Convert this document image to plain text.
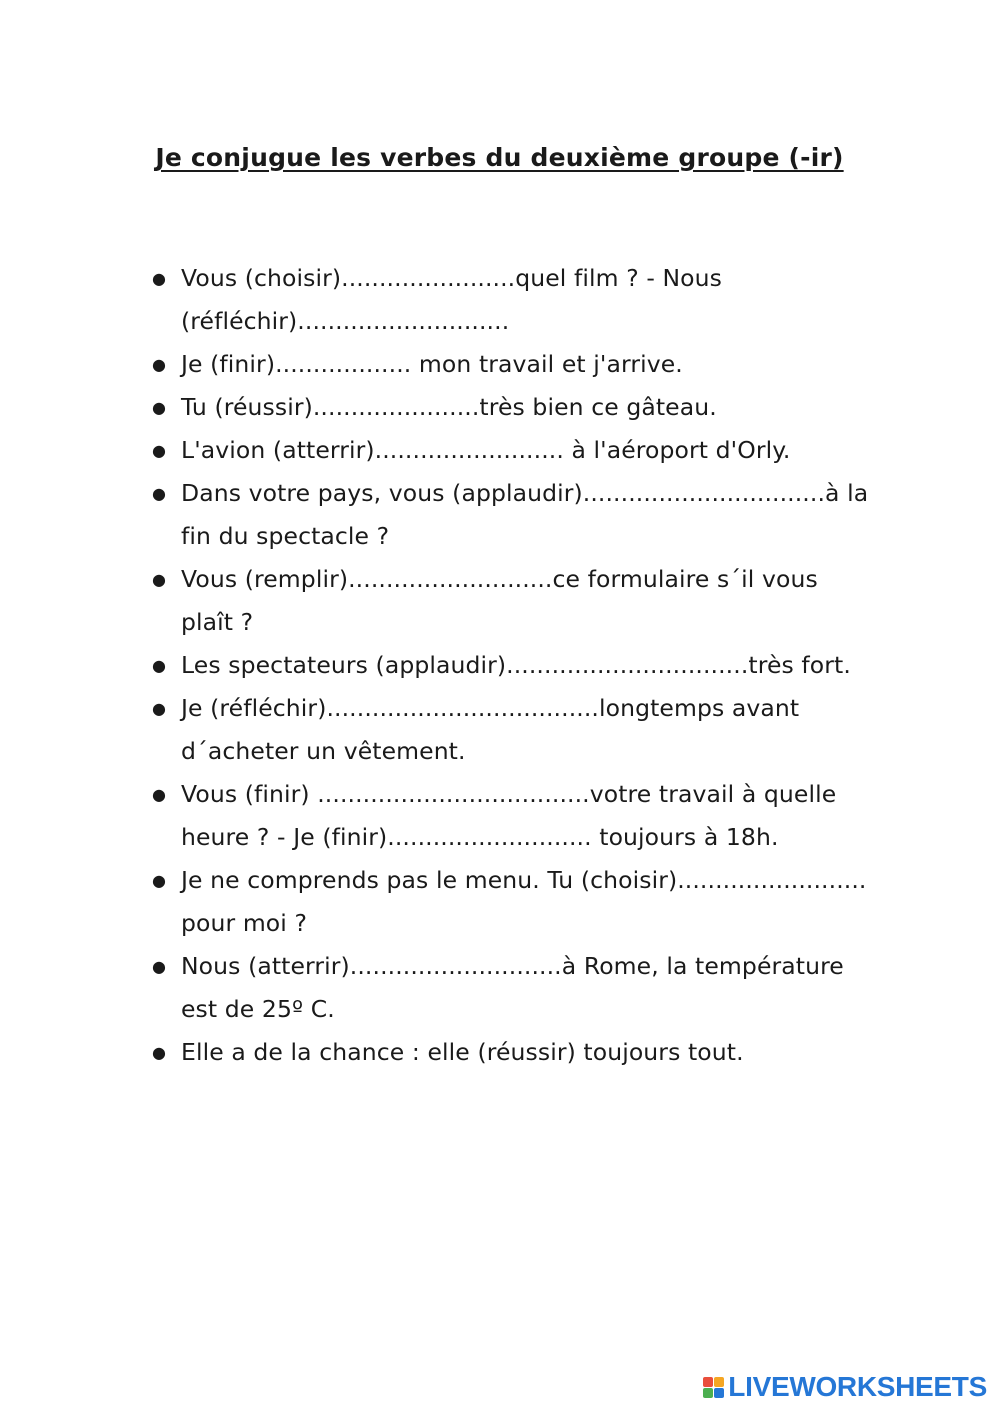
Je conjugue les verbes du deuxième groupe (-ir)
● Vous (choisir).......................quel film ? - Nous
(réfléchir)............................
● Je (finir).................. mon travail et j'arrive.
● Tu (réussir)......................très bien ce gâteau.
● L'avion (atterrir)......................... à l'aéroport d'Orly.
● Dans votre pays, vous (applaudir)................................à la
fin du spectacle ?
● Vous (remplir)...........................ce formulaire s´il vous
plaît ?
● Les spectateurs (applaudir)................................très fort.
● Je (réfléchir)....................................longtemps avant
d´acheter un vêtement.
● Vous (finir) ....................................votre travail à quelle
heure ? - Je (finir)........................... toujours à 18h.
● Je ne comprends pas le menu. Tu (choisir).........................
pour moi ?
● Nous (atterrir)............................à Rome, la température
est de 25º C.
● Elle a de la chance : elle (réussir) toujours tout.
LIVEWORKSHEETS
